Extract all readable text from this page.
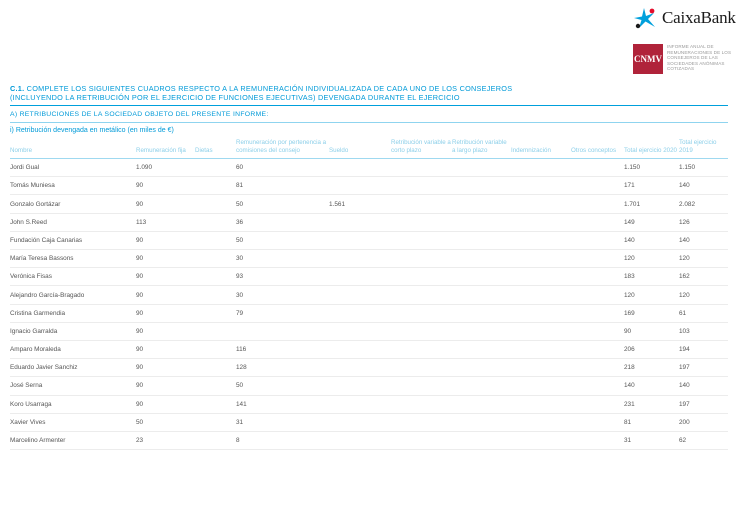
CaixaBank
CNMV
INFORME ANUAL DE REMUNERACIONES DE LOS CONSEJEROS DE LAS SOCIEDADES ANÓNIMAS COTIZADAS
C.1. COMPLETE LOS SIGUIENTES CUADROS RESPECTO A LA REMUNERACIÓN INDIVIDUALIZADA DE CADA UNO DE LOS CONSEJEROS
(INCLUYENDO LA RETRIBUCIÓN POR EL EJERCICIO DE FUNCIONES EJECUTIVAS) DEVENGADA DURANTE EL EJERCICIO
A) RETRIBUCIONES DE LA SOCIEDAD OBJETO DEL PRESENTE INFORME:
i) Retribución devengada en metálico (en miles de €)
Nombre	Remuneración fija	Dietas	Remuneración por pertenencia a comisiones del consejo	Sueldo	Retribución variable a corto plazo	Retribución variable a largo plazo	Indemnización	Otros conceptos	Total ejercicio 2020	Total ejercicio 2019
Jordi Gual	1.090		60						1.150	1.150
Tomás Muniesa	90		81						171	140
Gonzalo Gortázar	90		50	1.561					1.701	2.082
John S.Reed	113		36						149	126
Fundación Caja Canarias	90		50						140	140
María Teresa Bassons	90		30						120	120
Verónica Fisas	90		93						183	162
Alejandro García-Bragado	90		30						120	120
Cristina Garmendia	90		79						169	61
Ignacio Garralda	90								90	103
Amparo Moraleda	90		116						206	194
Eduardo Javier Sanchiz	90		128						218	197
José Serna	90		50						140	140
Koro Usarraga	90		141						231	197
Xavier Vives	50		31						81	200
Marcelino Armenter	23		8						31	62
